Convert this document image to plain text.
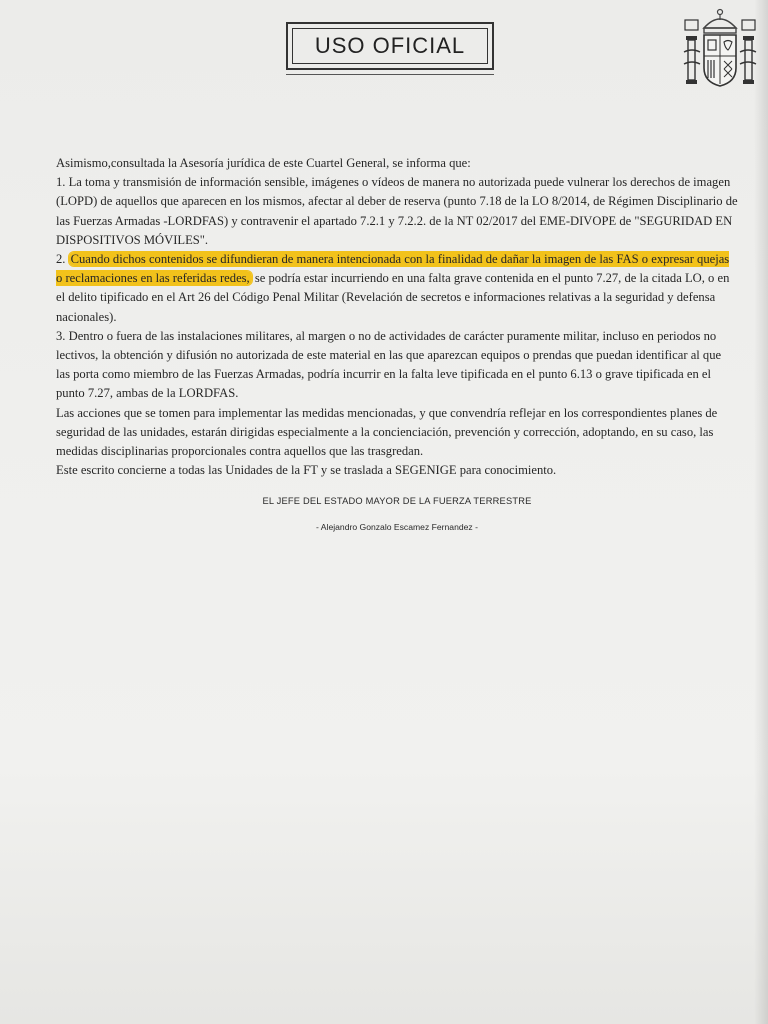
USO OFICIAL

Asimismo,consultada la Asesoría jurídica de este Cuartel General, se informa que:

1. La toma y transmisión de información sensible, imágenes o vídeos de manera no autorizada puede vulnerar los derechos de imagen (LOPD) de aquellos que aparecen en los mismos, afectar al deber de reserva (punto 7.18 de la LO 8/2014, de Régimen Disciplinario de las Fuerzas Armadas -LORDFAS) y contravenir el apartado 7.2.1 y 7.2.2. de la NT 02/2017 del EME-DIVOPE de "SEGURIDAD EN DISPOSITIVOS MÓVILES".

2. Cuando dichos contenidos se difundieran de manera intencionada con la finalidad de dañar la imagen de las FAS o expresar quejas o reclamaciones en las referidas redes, se podría estar incurriendo en una falta grave contenida en el punto 7.27, de la citada LO, o en el delito tipificado en el Art 26 del Código Penal Militar (Revelación de secretos e informaciones relativas a la seguridad y defensa nacionales).

3. Dentro o fuera de las instalaciones militares, al margen o no de actividades de carácter puramente militar, incluso en periodos no lectivos, la obtención y difusión no autorizada de este material en las que aparezcan equipos o prendas que puedan identificar al que las porta como miembro de las Fuerzas Armadas, podría incurrir en la falta leve tipificada en el punto 6.13 o grave tipificada en el punto 7.27, ambas de la LORDFAS.

Las acciones que se tomen para implementar las medidas mencionadas, y que convendría reflejar en los correspondientes planes de seguridad de las unidades, estarán dirigidas especialmente a la concienciación, prevención y corrección, adoptando, en su caso, las medidas disciplinarias proporcionales contra aquellos que las trasgredan.

Este escrito concierne a todas las Unidades de la FT y se traslada a SEGENIGE para conocimiento.

EL JEFE DEL ESTADO MAYOR DE LA FUERZA TERRESTRE
- Alejandro Gonzalo Escamez Fernandez -
